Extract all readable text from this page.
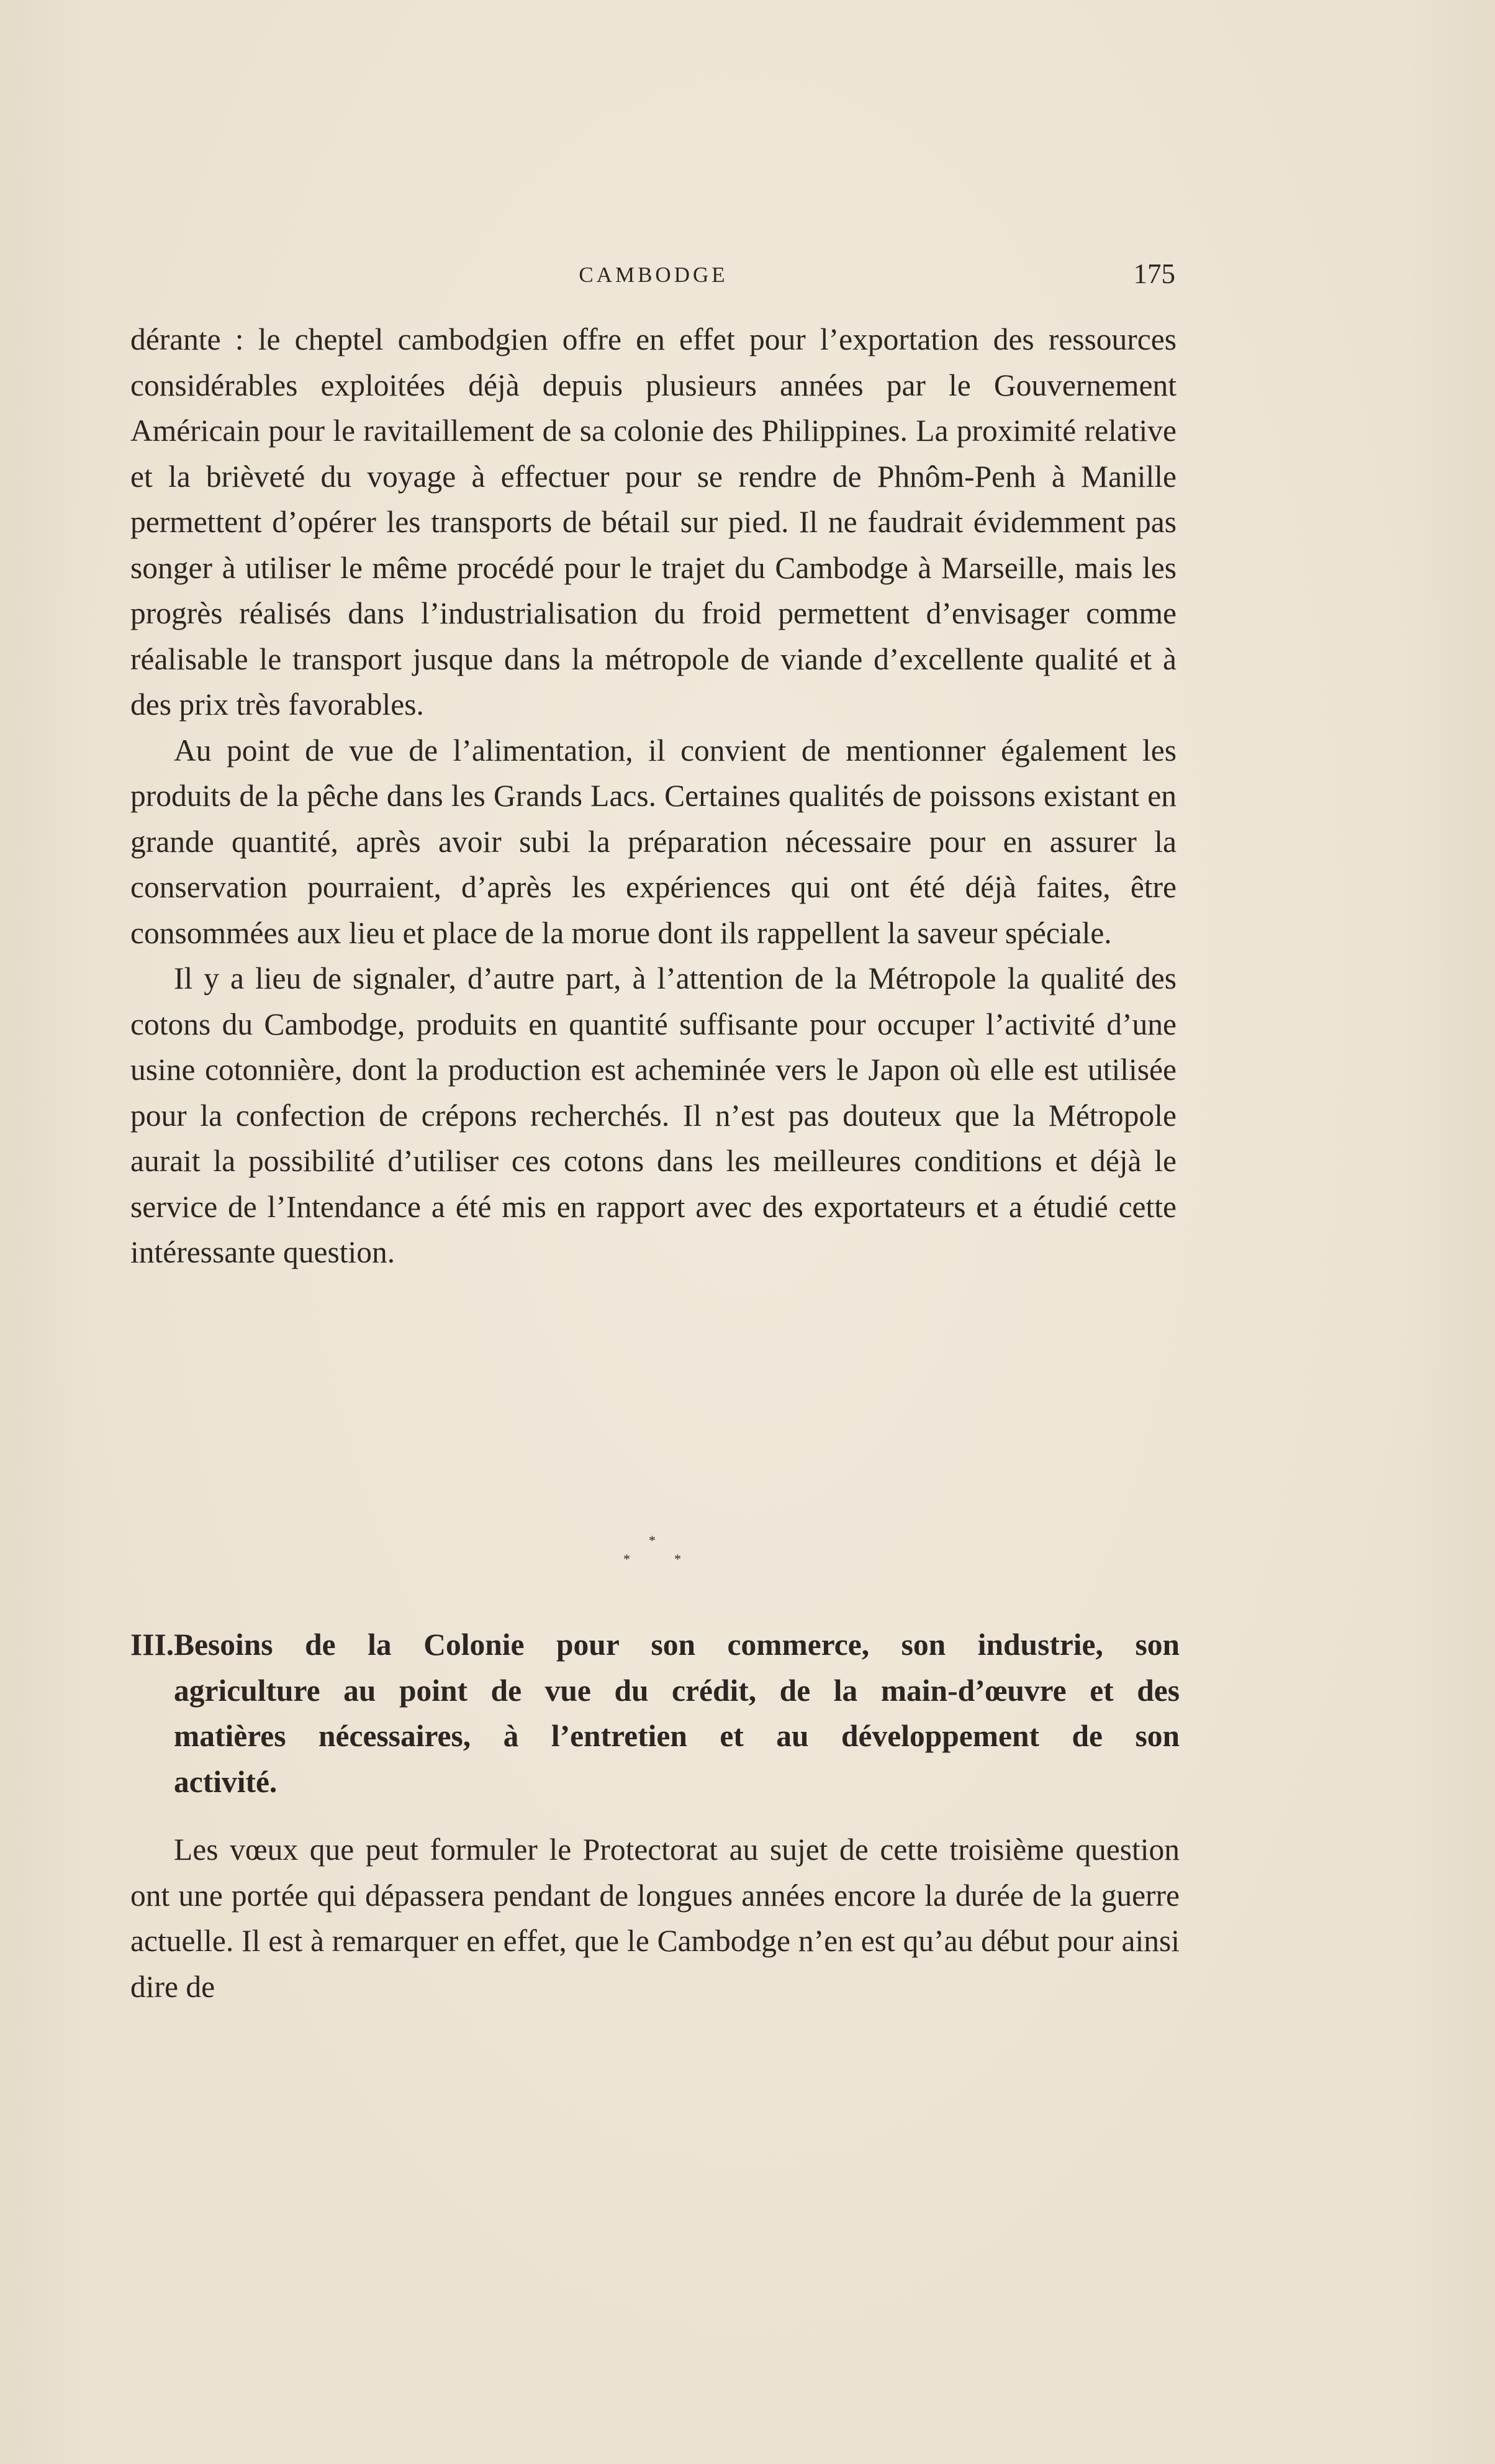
CAMBODGE	175

dérante : le cheptel cambodgien offre en effet pour l’exportation des ressources considérables exploitées déjà depuis plusieurs années par le Gouvernement Américain pour le ravitaillement de sa colonie des Philippines. La proximité relative et la brièveté du voyage à effectuer pour se rendre de Phnôm-Penh à Manille permettent d’opérer les transports de bétail sur pied. Il ne faudrait évidemment pas songer à utiliser le même procédé pour le trajet du Cambodge à Marseille, mais les progrès réalisés dans l’industrialisation du froid permettent d’envisager comme réalisable le transport jusque dans la métropole de viande d’excellente qualité et à des prix très favorables.

Au point de vue de l’alimentation, il convient de mentionner également les produits de la pêche dans les Grands Lacs. Certaines qualités de poissons existant en grande quantité, après avoir subi la préparation nécessaire pour en assurer la conservation pourraient, d’après les expériences qui ont été déjà faites, être consommées aux lieu et place de la morue dont ils rappellent la saveur spéciale.

Il y a lieu de signaler, d’autre part, à l’attention de la Métropole la qualité des cotons du Cambodge, produits en quantité suffisante pour occuper l’activité d’une usine cotonnière, dont la production est acheminée vers le Japon où elle est utilisée pour la confection de crépons recherchés. Il n’est pas douteux que la Métropole aurait la possibilité d’utiliser ces cotons dans les meilleures conditions et déjà le service de l’Intendance a été mis en rapport avec des exportateurs et a étudié cette intéressante question.

*
*	*
III.Besoins de la Colonie pour son commerce, son industrie, son
agriculture au point de vue du crédit, de la main-d’œuvre et des
matières nécessaires, à l’entretien et au développement de son
activité.

Les vœux que peut formuler le Protectorat au sujet de cette troisième question ont une portée qui dépassera pendant de longues années encore la durée de la guerre actuelle. Il est à remarquer en effet, que le Cambodge n’en est qu’au début pour ainsi dire de
